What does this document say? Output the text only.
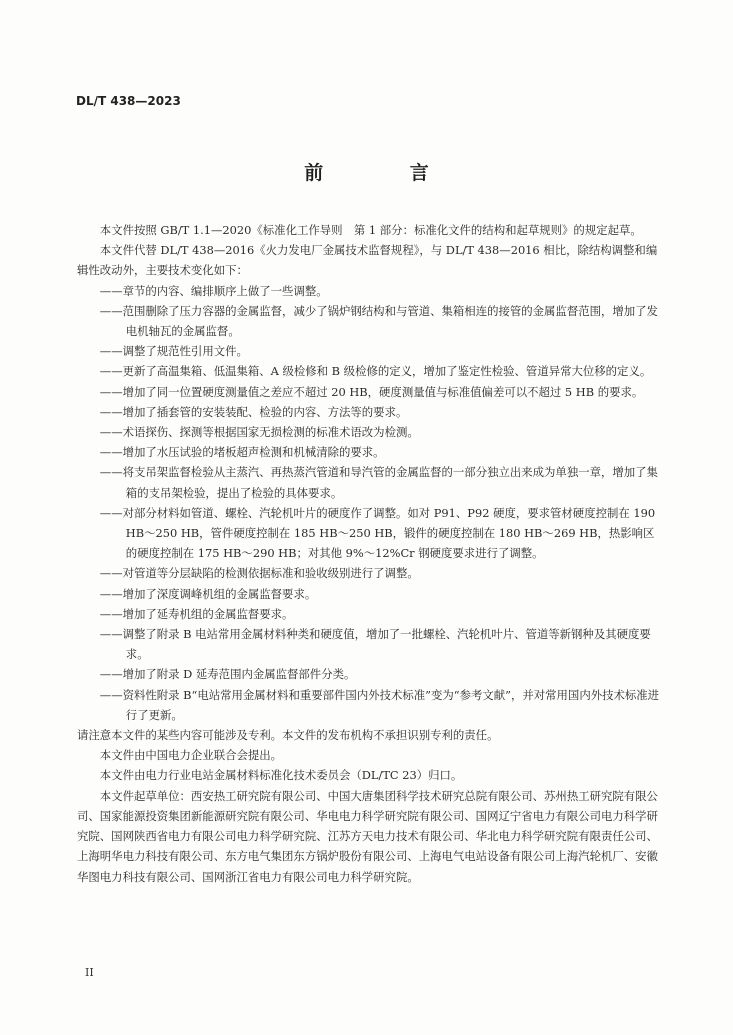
DL/T 438—2023
前 言

本文件按照 GB/T 1.1—2020《标准化工作导则　第 1 部分：标准化文件的结构和起草规则》的规定起草。

本文件代替 DL/T 438—2016《火力发电厂金属技术监督规程》，与 DL/T 438—2016 相比，除结构调整和编辑性改动外，主要技术变化如下：

——章节的内容、编排顺序上做了一些调整。

——范围删除了压力容器的金属监督，减少了锅炉钢结构和与管道、集箱相连的接管的金属监督范围，增加了发电机轴瓦的金属监督。

——调整了规范性引用文件。

——更新了高温集箱、低温集箱、A 级检修和 B 级检修的定义，增加了鉴定性检验、管道异常大位移的定义。

——增加了同一位置硬度测量值之差应不超过 20 HB，硬度测量值与标准值偏差可以不超过 5 HB 的要求。

——增加了插套管的安装装配、检验的内容、方法等的要求。

——术语探伤、探测等根据国家无损检测的标准术语改为检测。

——增加了水压试验的堵板超声检测和机械清除的要求。

——将支吊架监督检验从主蒸汽、再热蒸汽管道和导汽管的金属监督的一部分独立出来成为单独一章，增加了集箱的支吊架检验，提出了检验的具体要求。

——对部分材料如管道、螺栓、汽轮机叶片的硬度作了调整。如对 P91、P92 硬度，要求管材硬度控制在 190 HB～250 HB，管件硬度控制在 185 HB～250 HB，锻件的硬度控制在 180 HB～269 HB，热影响区的硬度控制在 175 HB～290 HB；对其他 9%～12%Cr 钢硬度要求进行了调整。

——对管道等分层缺陷的检测依据标准和验收级别进行了调整。

——增加了深度调峰机组的金属监督要求。

——增加了延寿机组的金属监督要求。

——调整了附录 B 电站常用金属材料种类和硬度值，增加了一批螺栓、汽轮机叶片、管道等新钢种及其硬度要求。

——增加了附录 D 延寿范围内金属监督部件分类。

——资料性附录 B“电站常用金属材料和重要部件国内外技术标准”变为“参考文献”，并对常用国内外技术标准进行了更新。

请注意本文件的某些内容可能涉及专利。本文件的发布机构不承担识别专利的责任。

本文件由中国电力企业联合会提出。

本文件由电力行业电站金属材料标准化技术委员会（DL/TC 23）归口。

本文件起草单位：西安热工研究院有限公司、中国大唐集团科学技术研究总院有限公司、苏州热工研究院有限公司、国家能源投资集团新能源研究院有限公司、华电电力科学研究院有限公司、国网辽宁省电力有限公司电力科学研究院、国网陕西省电力有限公司电力科学研究院、江苏方天电力技术有限公司、华北电力科学研究院有限责任公司、上海明华电力科技有限公司、东方电气集团东方锅炉股份有限公司、上海电气电站设备有限公司上海汽轮机厂、安徽华图电力科技有限公司、国网浙江省电力有限公司电力科学研究院。

II
